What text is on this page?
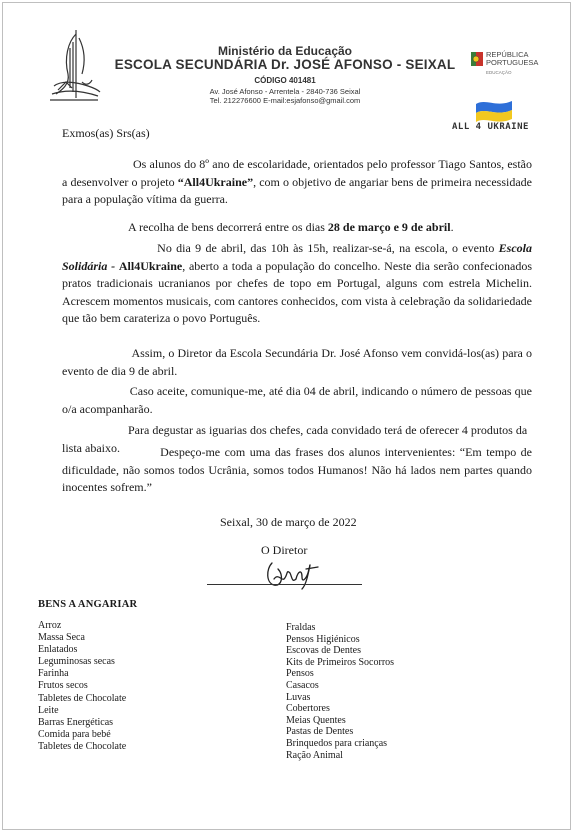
Ministério da Educação
ESCOLA SECUNDÁRIA Dr. JOSÉ AFONSO - SEIXAL
CÓDIGO 401481
Av. José Afonso - Arrentela - 2840-736 Seixal
Tel. 212276600 E-mail:esjafonso@gmail.com
REPÚBLICA
PORTUGUESA
EDUCAÇÃO
ALL 4 UKRAINE
Exmos(as) Srs(as)
Os alunos do 8º ano de escolaridade, orientados pelo professor Tiago Santos, estão a desenvolver o projeto “All4Ukraine”, com o objetivo de angariar bens de primeira necessidade para a população vítima da guerra.
A recolha de bens decorrerá entre os dias 28 de março e 9 de abril.
No dia 9 de abril, das 10h às 15h, realizar-se-á, na escola, o evento Escola Solidária - All4Ukraine, aberto a toda a população do concelho. Neste dia serão confecionados pratos tradicionais ucranianos por chefes de topo em Portugal, alguns com estrela Michelin. Acrescem momentos musicais, com cantores conhecidos, com vista à celebração da solidariedade que tão bem carateriza o povo Português.
Assim, o Diretor da Escola Secundária Dr. José Afonso vem convidá-los(as) para o evento de dia 9 de abril.
Caso aceite, comunique-me, até dia 04 de abril, indicando o número de pessoas que o/a acompanharão.
Para degustar as iguarias dos chefes, cada convidado terá de oferecer 4 produtos da lista abaixo.	Despeço-me com uma das frases dos alunos intervenientes: “Em tempo de dificuldade, não somos todos Ucrânia, somos todos Humanos! Não há lados nem partes quando inocentes sofrem.”
Seixal, 30 de março de 2022
O Diretor
BENS A ANGARIAR
Arroz
Massa Seca
Enlatados
Leguminosas secas
Farinha
Frutos secos
Tabletes de Chocolate
Leite
Barras Energéticas
Comida para bebé
Tabletes de Chocolate
Fraldas
Pensos Higiénicos
Escovas de Dentes
Kits de Primeiros Socorros
Pensos
Casacos
Luvas
Cobertores
Meias Quentes
Pastas de Dentes
Brinquedos para crianças
Ração Animal
